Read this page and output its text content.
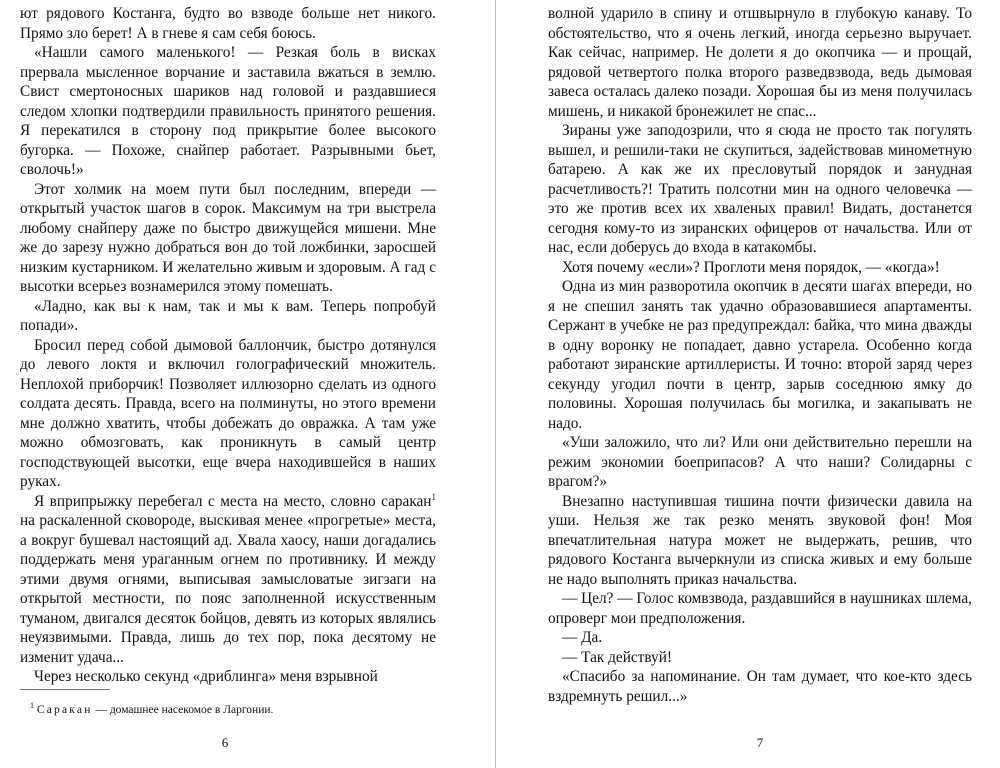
ют рядового Костанга, будто во взводе больше нет никого. Прямо зло берет! А в гневе я сам себя боюсь.

«Нашли самого маленького! — Резкая боль в висках прервала мысленное ворчание и заставила вжаться в землю. Свист смертоносных шариков над головой и раздавшиеся следом хлопки подтвердили правильность принятого решения. Я перекатился в сторону под прикрытие более высокого бугорка. — Похоже, снайпер работает. Разрывными бьет, сволочь!»

Этот холмик на моем пути был последним, впереди — открытый участок шагов в сорок. Максимум на три выстрела любому снайперу даже по быстро движущейся мишени. Мне же до зарезу нужно добраться вон до той ложбинки, заросшей низким кустарником. И желательно живым и здоровым. А гад с высотки всерьез вознамерился этому помешать.

«Ладно, как вы к нам, так и мы к вам. Теперь попробуй попади».

Бросил перед собой дымовой баллончик, быстро дотянулся до левого локтя и включил голографический множитель. Неплохой приборчик! Позволяет иллюзорно сделать из одного солдата десять. Правда, всего на полминуты, но этого времени мне должно хватить, чтобы добежать до овражка. А там уже можно обмозговать, как проникнуть в самый центр господствующей высотки, еще вчера находившейся в наших руках.

Я вприпрыжку перебегал с места на место, словно саракан$^1$ на раскаленной сковороде, выскивая менее «прогретые» места, а вокруг бушевал настоящий ад. Хвала хаосу, наши догадались поддержать меня ураганным огнем по противнику. И между этими двумя огнями, выписывая замысловатые зигзаги на открытой местности, по пояс заполненной искусственным туманом, двигался десяток бойцов, девять из которых являлись неуязвимыми. Правда, лишь до тех пор, пока десятому не изменит удача...

Через несколько секунд «дриблинга» меня взрывной

$^1$ Саракан — домашнее насекомое в Ларгонии.
6

волной ударило в спину и отшвырнуло в глубокую канаву. То обстоятельство, что я очень легкий, иногда серьезно выручает. Как сейчас, например. Не долети я до окопчика — и прощай, рядовой четвертого полка второго разведвзвода, ведь дымовая завеса осталась далеко позади. Хорошая бы из меня получилась мишень, и никакой бронежилет не спас...

Зираны уже заподозрили, что я сюда не просто так погулять вышел, и решили-таки не скупиться, задействовав минометную батарею. А как же их пресловутый порядок и занудная расчетливость?! Тратить полсотни мин на одного человечка — это же против всех их хваленых правил! Видать, достанется сегодня кому-то из зиранских офицеров от начальства. Или от нас, если доберусь до входа в катакомбы.

Хотя почему «если»? Проглоти меня порядок, — «когда»!

Одна из мин разворотила окопчик в десяти шагах впереди, но я не спешил занять так удачно образовавшиеся апартаменты. Сержант в учебке не раз предупреждал: байка, что мина дважды в одну воронку не попадает, давно устарела. Особенно когда работают зиранские артиллеристы. И точно: второй заряд через секунду угодил почти в центр, зарыв соседнюю ямку до половины. Хорошая получилась бы могилка, и закапывать не надо.

«Уши заложило, что ли? Или они действительно перешли на режим экономии боеприпасов? А что наши? Солидарны с врагом?»

Внезапно наступившая тишина почти физически давила на уши. Нельзя же так резко менять звуковой фон! Моя впечатлительная натура может не выдержать, решив, что рядового Костанга вычеркнули из списка живых и ему больше не надо выполнять приказ начальства.

— Цел? — Голос комвзвода, раздавшийся в наушниках шлема, опроверг мои предположения.

— Да.

— Так действуй!

«Спасибо за напоминание. Он там думает, что кое-кто здесь вздремнуть решил...»

7
